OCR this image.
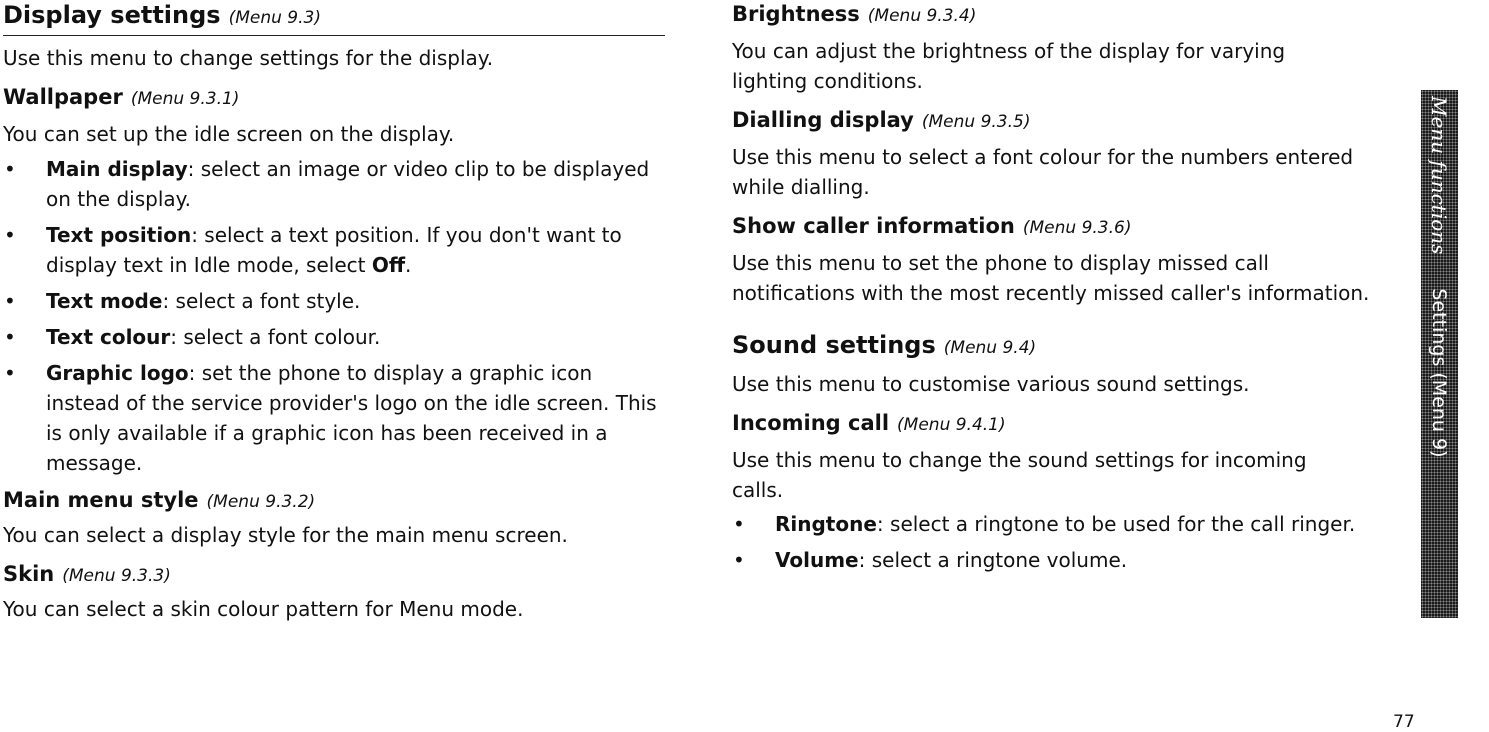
Display settings (Menu 9.3)

Use this menu to change settings for the display.

Wallpaper (Menu 9.3.1)

You can set up the idle screen on the display.

• Main display: select an image or video clip to be displayed on the display.
• Text position: select a text position. If you don't want to display text in Idle mode, select Off.
• Text mode: select a font style.
• Text colour: select a font colour.
• Graphic logo: set the phone to display a graphic icon instead of the service provider's logo on the idle screen. This is only available if a graphic icon has been received in a message.
Main menu style (Menu 9.3.2)

You can select a display style for the main menu screen.

Skin (Menu 9.3.3)

You can select a skin colour pattern for Menu mode.

Brightness (Menu 9.3.4)

You can adjust the brightness of the display for varying lighting conditions.

Dialling display (Menu 9.3.5)

Use this menu to select a font colour for the numbers entered while dialling.

Show caller information (Menu 9.3.6)

Use this menu to set the phone to display missed call notifications with the most recently missed caller's information.

Sound settings (Menu 9.4)

Use this menu to customise various sound settings.

Incoming call (Menu 9.4.1)

Use this menu to change the sound settings for incoming calls.

• Ringtone: select a ringtone to be used for the call ringer.
• Volume: select a ringtone volume.
Menu functionsSettings (Menu 9)
77
